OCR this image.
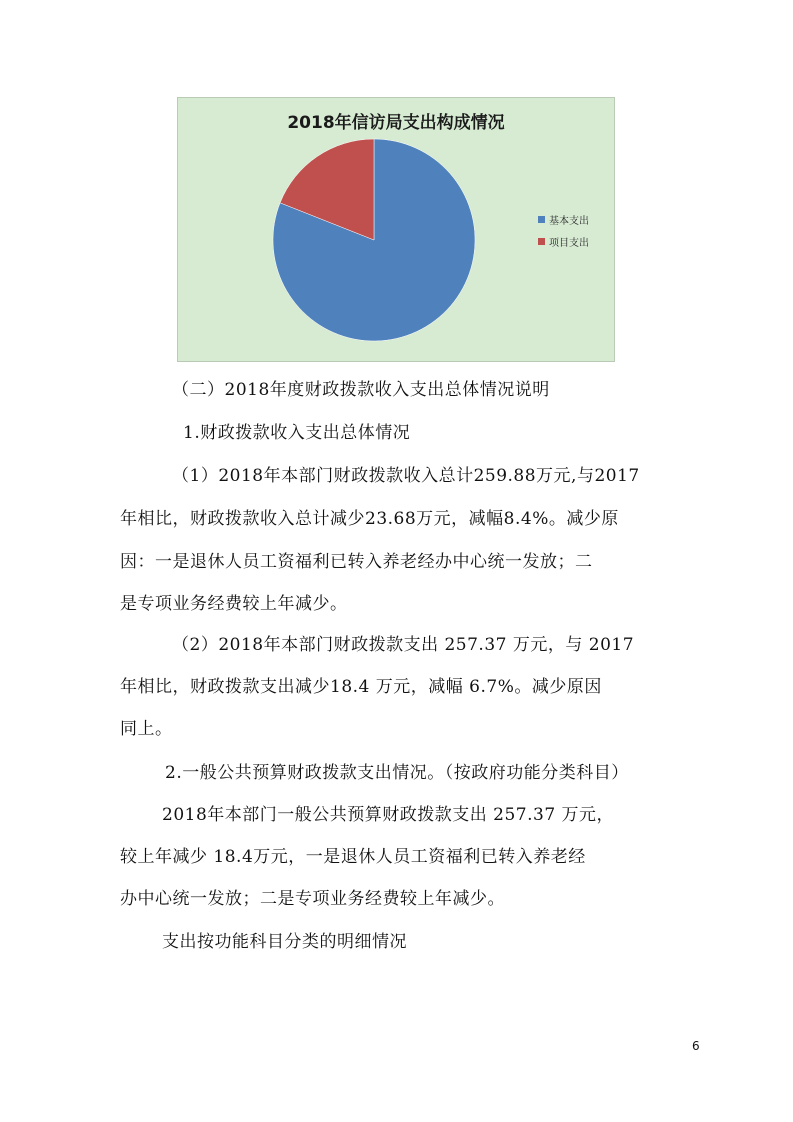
2018年信访局支出构成情况
基本支出
项目支出
（二）2018年度财政拨款收入支出总体情况说明
1.财政拨款收入支出总体情况
（1）2018年本部门财政拨款收入总计259.88万元,与2017
年相比，财政拨款收入总计减少23.68万元，减幅8.4%。减少原
因：一是退休人员工资福利已转入养老经办中心统一发放；二
是专项业务经费较上年减少。
（2）2018年本部门财政拨款支出 257.37 万元，与 2017
年相比，财政拨款支出减少18.4 万元，减幅 6.7%。减少原因
同上。
2.一般公共预算财政拨款支出情况。（按政府功能分类科目）
2018年本部门一般公共预算财政拨款支出 257.37 万元，
较上年减少 18.4万元，一是退休人员工资福利已转入养老经
办中心统一发放；二是专项业务经费较上年减少。
支出按功能科目分类的明细情况
6
